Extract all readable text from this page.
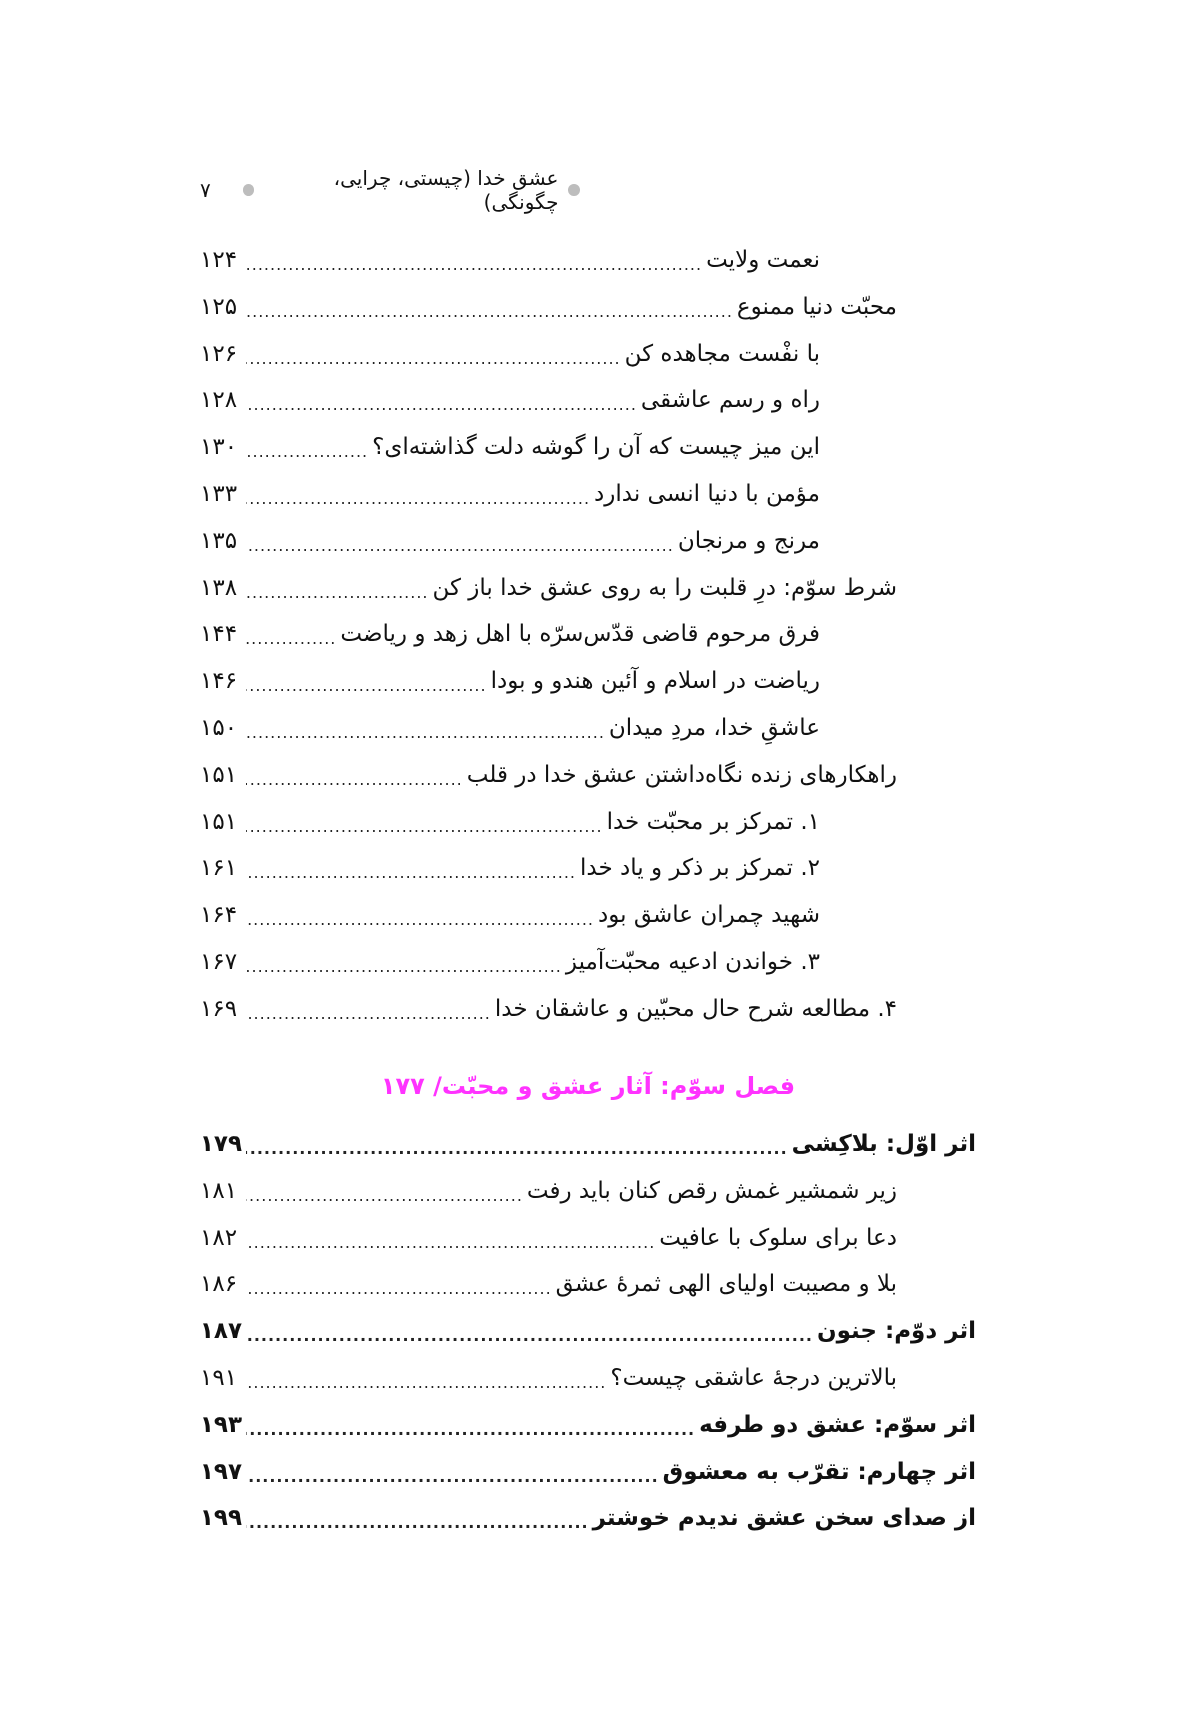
عشق خدا (چیستی، چرایی، چگونگی)
۷
نعمت ولایت
.....
۱۲۴
محبّت دنیا ممنوع
.....
۱۲۵
با نفْست مجاهده کن
.....
۱۲۶
راه و رسم عاشقی
.....
۱۲۸
این میز چیست که آن را گوشه دلت گذاشته‌ای؟
.....
۱۳۰
مؤمن با دنیا انسی ندارد
.....
۱۳۳
مرنج و مرنجان
.....
۱۳۵
شرط سوّم: درِ قلبت را به روی عشق خدا باز کن
.....
۱۳۸
فرق مرحوم قاضی قدّس‌سرّه با اهل زهد و ریاضت
.....
۱۴۴
ریاضت در اسلام و آئین هندو و بودا
.....
۱۴۶
عاشقِ خدا، مردِ میدان
.....
۱۵۰
راهکارهای زنده نگاه‌داشتن عشق خدا در قلب
.....
۱۵۱
۱. تمرکز بر محبّت خدا
.....
۱۵۱
۲. تمرکز بر ذکر و یاد خدا
.....
۱۶۱
شهید چمران عاشق بود
.....
۱۶۴
۳. خواندن ادعیه محبّت‌آمیز
.....
۱۶۷
۴. مطالعه شرح حال محبّین و عاشقان خدا
.....
۱۶۹
اثر اوّل: بلاکِشی
.....
۱۷۹
زیر شمشیر غمش رقص کنان باید رفت
.....
۱۸۱
دعا برای سلوک با عافیت
.....
۱۸۲
بلا و مصیبت اولیای الهی ثمرهٔ عشق
.....
۱۸۶
اثر دوّم: جنون
.....
۱۸۷
بالاترین درجهٔ عاشقی چیست؟
.....
۱۹۱
اثر سوّم: عشق دو طرفه
.....
۱۹۳
اثر چهارم: تقرّب به معشوق
.....
۱۹۷
از صدای سخن عشق ندیدم خوشتر
.....
۱۹۹
فصل سوّم: آثار عشق و محبّت/ ۱۷۷
